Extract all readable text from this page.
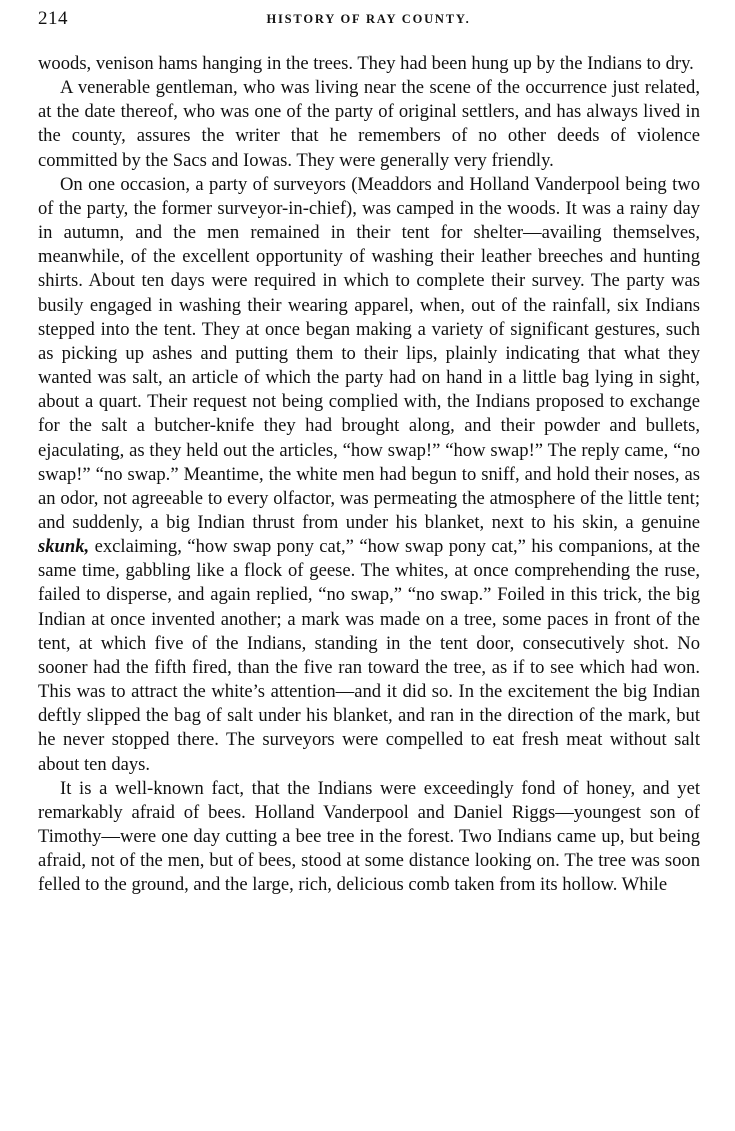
214	HISTORY OF RAY COUNTY.

woods, venison hams hanging in the trees. They had been hung up by the Indians to dry.

A venerable gentleman, who was living near the scene of the occurrence just related, at the date thereof, who was one of the party of original settlers, and has always lived in the county, assures the writer that he remembers of no other deeds of violence committed by the Sacs and Iowas. They were generally very friendly.

On one occasion, a party of surveyors (Meaddors and Holland Vanderpool being two of the party, the former surveyor-in-chief), was camped in the woods. It was a rainy day in autumn, and the men remained in their tent for shelter—availing themselves, meanwhile, of the excellent opportunity of washing their leather breeches and hunting shirts. About ten days were required in which to complete their survey. The party was busily engaged in washing their wearing apparel, when, out of the rainfall, six Indians stepped into the tent. They at once began making a variety of significant gestures, such as picking up ashes and putting them to their lips, plainly indicating that what they wanted was salt, an article of which the party had on hand in a little bag lying in sight, about a quart. Their request not being complied with, the Indians proposed to exchange for the salt a butcher-knife they had brought along, and their powder and bullets, ejaculating, as they held out the articles, “how swap!” “how swap!” The reply came, “no swap!” “no swap.” Meantime, the white men had begun to sniff, and hold their noses, as an odor, not agreeable to every olfactor, was permeating the atmosphere of the little tent; and suddenly, a big Indian thrust from under his blanket, next to his skin, a genuine skunk, exclaiming, “how swap pony cat,” “how swap pony cat,” his companions, at the same time, gabbling like a flock of geese. The whites, at once comprehending the ruse, failed to disperse, and again replied, “no swap,” “no swap.” Foiled in this trick, the big Indian at once invented another; a mark was made on a tree, some paces in front of the tent, at which five of the Indians, standing in the tent door, consecutively shot. No sooner had the fifth fired, than the five ran toward the tree, as if to see which had won. This was to attract the white’s attention—and it did so. In the excitement the big Indian deftly slipped the bag of salt under his blanket, and ran in the direction of the mark, but he never stopped there. The surveyors were compelled to eat fresh meat without salt about ten days.

It is a well-known fact, that the Indians were exceedingly fond of honey, and yet remarkably afraid of bees. Holland Vanderpool and Daniel Riggs—youngest son of Timothy—were one day cutting a bee tree in the forest. Two Indians came up, but being afraid, not of the men, but of bees, stood at some distance looking on. The tree was soon felled to the ground, and the large, rich, delicious comb taken from its hollow. While
